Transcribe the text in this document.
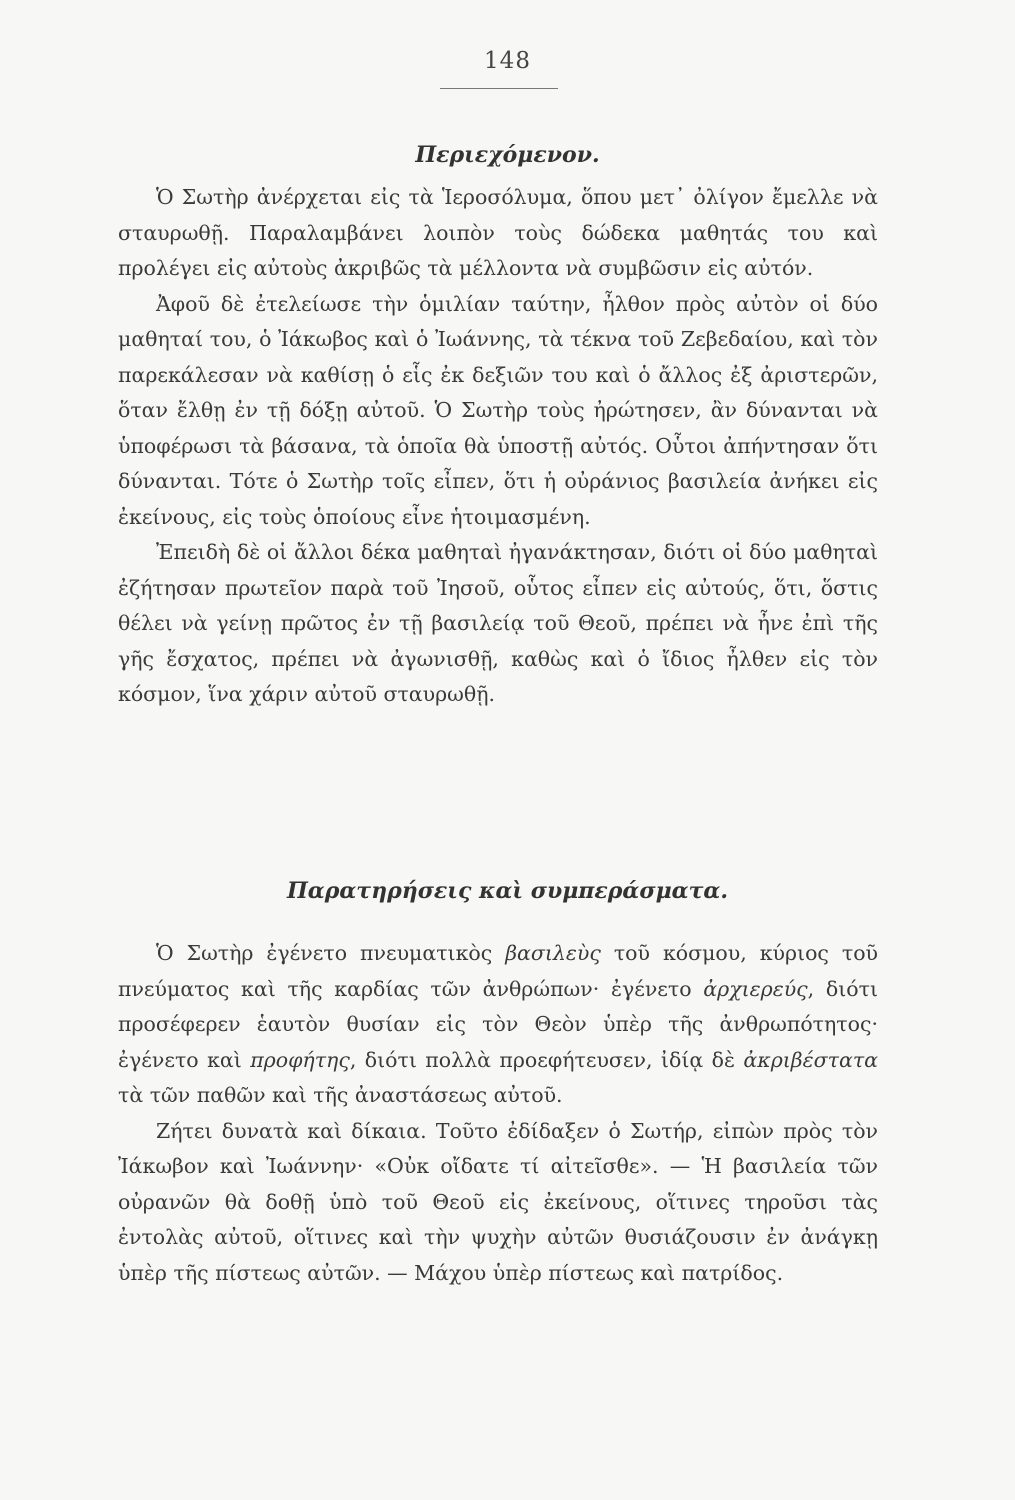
148
Περιεχόμενον.

Ὁ Σωτὴρ ἀνέρχεται εἰς τὰ Ἱεροσόλυμα, ὅπου μετ᾽ ὀλίγον ἔμελλε νὰ σταυρωθῇ. Παραλαμβάνει λοιπὸν τοὺς δώδεκα μαθητάς του καὶ προλέγει εἰς αὐτοὺς ἀκριβῶς τὰ μέλλοντα νὰ συμβῶσιν εἰς αὐτόν.

Ἀφοῦ δὲ ἐτελείωσε τὴν ὁμιλίαν ταύτην, ἦλθον πρὸς αὐτὸν οἱ δύο μαθηταί του, ὁ Ἰάκωβος καὶ ὁ Ἰωάννης, τὰ τέκνα τοῦ Ζεβεδαίου, καὶ τὸν παρεκάλεσαν νὰ καθίσῃ ὁ εἷς ἐκ δεξιῶν του καὶ ὁ ἄλλος ἐξ ἀριστερῶν, ὅταν ἔλθῃ ἐν τῇ δόξῃ αὐτοῦ. Ὁ Σωτὴρ τοὺς ἠρώτησεν, ἂν δύνανται νὰ ὑποφέρωσι τὰ βάσανα, τὰ ὁποῖα θὰ ὑποστῇ αὐτός. Οὗτοι ἀπήντησαν ὅτι δύνανται. Τότε ὁ Σωτὴρ τοῖς εἶπεν, ὅτι ἡ οὐράνιος βασιλεία ἀνήκει εἰς ἐκείνους, εἰς τοὺς ὁποίους εἶνε ἡτοιμασμένη.

Ἐπειδὴ δὲ οἱ ἄλλοι δέκα μαθηταὶ ἠγανάκτησαν, διότι οἱ δύο μαθηταὶ ἐζήτησαν πρωτεῖον παρὰ τοῦ Ἰησοῦ, οὗτος εἶπεν εἰς αὐτούς, ὅτι, ὅστις θέλει νὰ γείνῃ πρῶτος ἐν τῇ βασιλείᾳ τοῦ Θεοῦ, πρέπει νὰ ἦνε ἐπὶ τῆς γῆς ἔσχατος, πρέπει νὰ ἀγωνισθῇ, καθὼς καὶ ὁ ἴδιος ἦλθεν εἰς τὸν κόσμον, ἵνα χάριν αὐτοῦ σταυρωθῇ.

Παρατηρήσεις καὶ συμπεράσματα.

Ὁ Σωτὴρ ἐγένετο πνευματικὸς βασιλεὺς τοῦ κόσμου, κύριος τοῦ πνεύματος καὶ τῆς καρδίας τῶν ἀνθρώπων· ἐγένετο ἀρχιερεύς, διότι προσέφερεν ἑαυτὸν θυσίαν εἰς τὸν Θεὸν ὑπὲρ τῆς ἀνθρωπότητος· ἐγένετο καὶ προφήτης, διότι πολλὰ προεφήτευσεν, ἰδίᾳ δὲ ἀκριβέστατα τὰ τῶν παθῶν καὶ τῆς ἀναστάσεως αὐτοῦ.

Ζήτει δυνατὰ καὶ δίκαια. Τοῦτο ἐδίδαξεν ὁ Σωτήρ, εἰπὼν πρὸς τὸν Ἰάκωβον καὶ Ἰωάννην· «Οὐκ οἴδατε τί αἰτεῖσθε». — Ἡ βασιλεία τῶν οὐρανῶν θὰ δοθῇ ὑπὸ τοῦ Θεοῦ εἰς ἐκείνους, οἵτινες τηροῦσι τὰς ἐντολὰς αὐτοῦ, οἵτινες καὶ τὴν ψυχὴν αὐτῶν θυσιάζουσιν ἐν ἀνάγκῃ ὑπὲρ τῆς πίστεως αὐτῶν. — Μάχου ὑπὲρ πίστεως καὶ πατρίδος.
